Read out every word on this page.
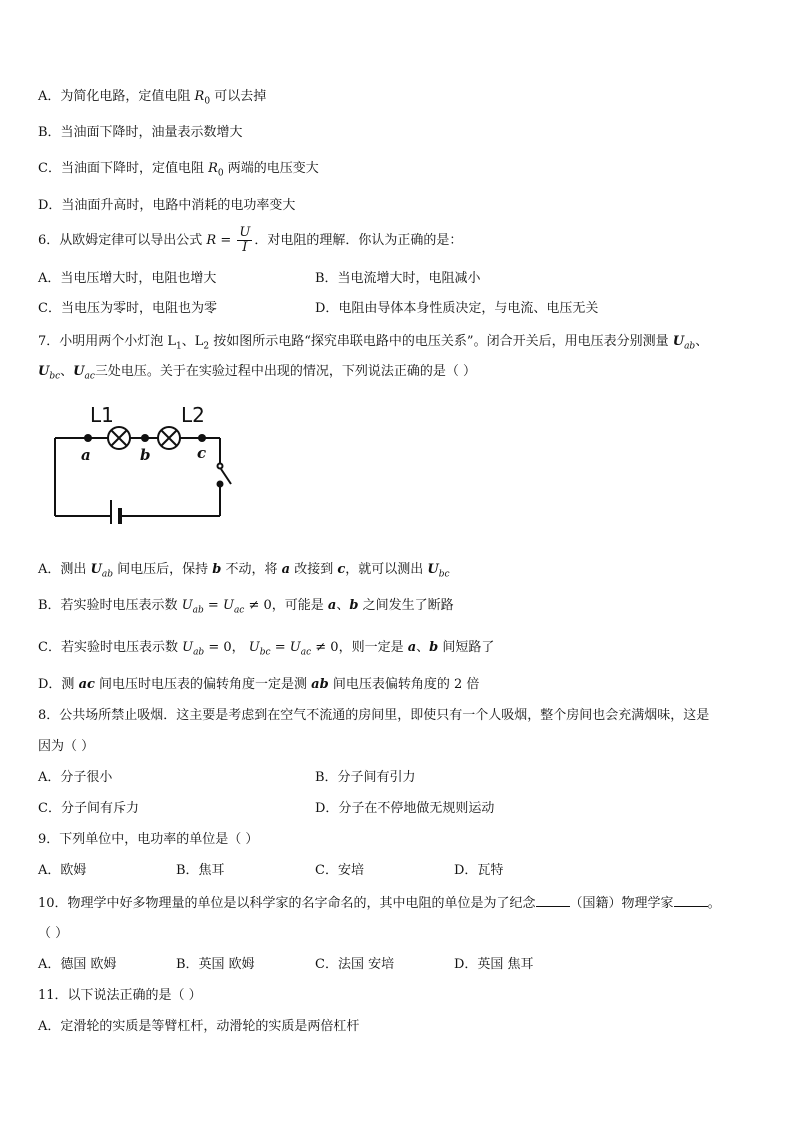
A．为简化电路，定值电阻 $R_0$ 可以去掉
B．当油面下降时，油量表示数增大
C．当油面下降时，定值电阻 $R_0$ 两端的电压变大
D．当油面升高时，电路中消耗的电功率变大
6．从欧姆定律可以导出公式 $R = \frac{U}{I}$ ．对电阻的理解．你认为正确的是：
A．当电压增大时，电阻也增大	B．当电流增大时，电阻减小
C．当电压为零时，电阻也为零	D．电阻由导体本身性质决定，与电流、电压无关
7．小明用两个小灯泡 $L_1$、$L_2$ 按如图所示电路“探究串联电路中的电压关系”。闭合开关后，用电压表分别测量 $U_{ab}$、
$U_{bc}$、$U_{ac}$三处电压。关于在实验过程中出现的情况，下列说法正确的是（ ）
L1	L2
a	b	c
A．测出 $U_{ab}$ 间电压后，保持 b 不动，将 a 改接到 c，就可以测出 $U_{bc}$
B．若实验时电压表示数 $U_{ab} = U_{ac} \ne 0$，可能是 a、b 之间发生了断路
C．若实验时电压表示数 $U_{ab} = 0$， $U_{bc} = U_{ac} \ne 0$，则一定是 a、b 间短路了
D．测 ac 间电压时电压表的偏转角度一定是测 ab 间电压表偏转角度的 2 倍
8．公共场所禁止吸烟．这主要是考虑到在空气不流通的房间里，即使只有一个人吸烟，整个房间也会充满烟味，这是
因为（ ）
A．分子很小	B．分子间有引力
C．分子间有斥力	D．分子在不停地做无规则运动
9．下列单位中，电功率的单位是（ ）
A．欧姆	B．焦耳	C．安培	D．瓦特
10．物理学中好多物理量的单位是以科学家的名字命名的，其中电阻的单位是为了纪念	（国籍）物理学家	。
（ ）
A．德国 欧姆	B．英国 欧姆	C．法国 安培	D．英国 焦耳
11．以下说法正确的是（ ）
A．定滑轮的实质是等臂杠杆，动滑轮的实质是两倍杠杆
